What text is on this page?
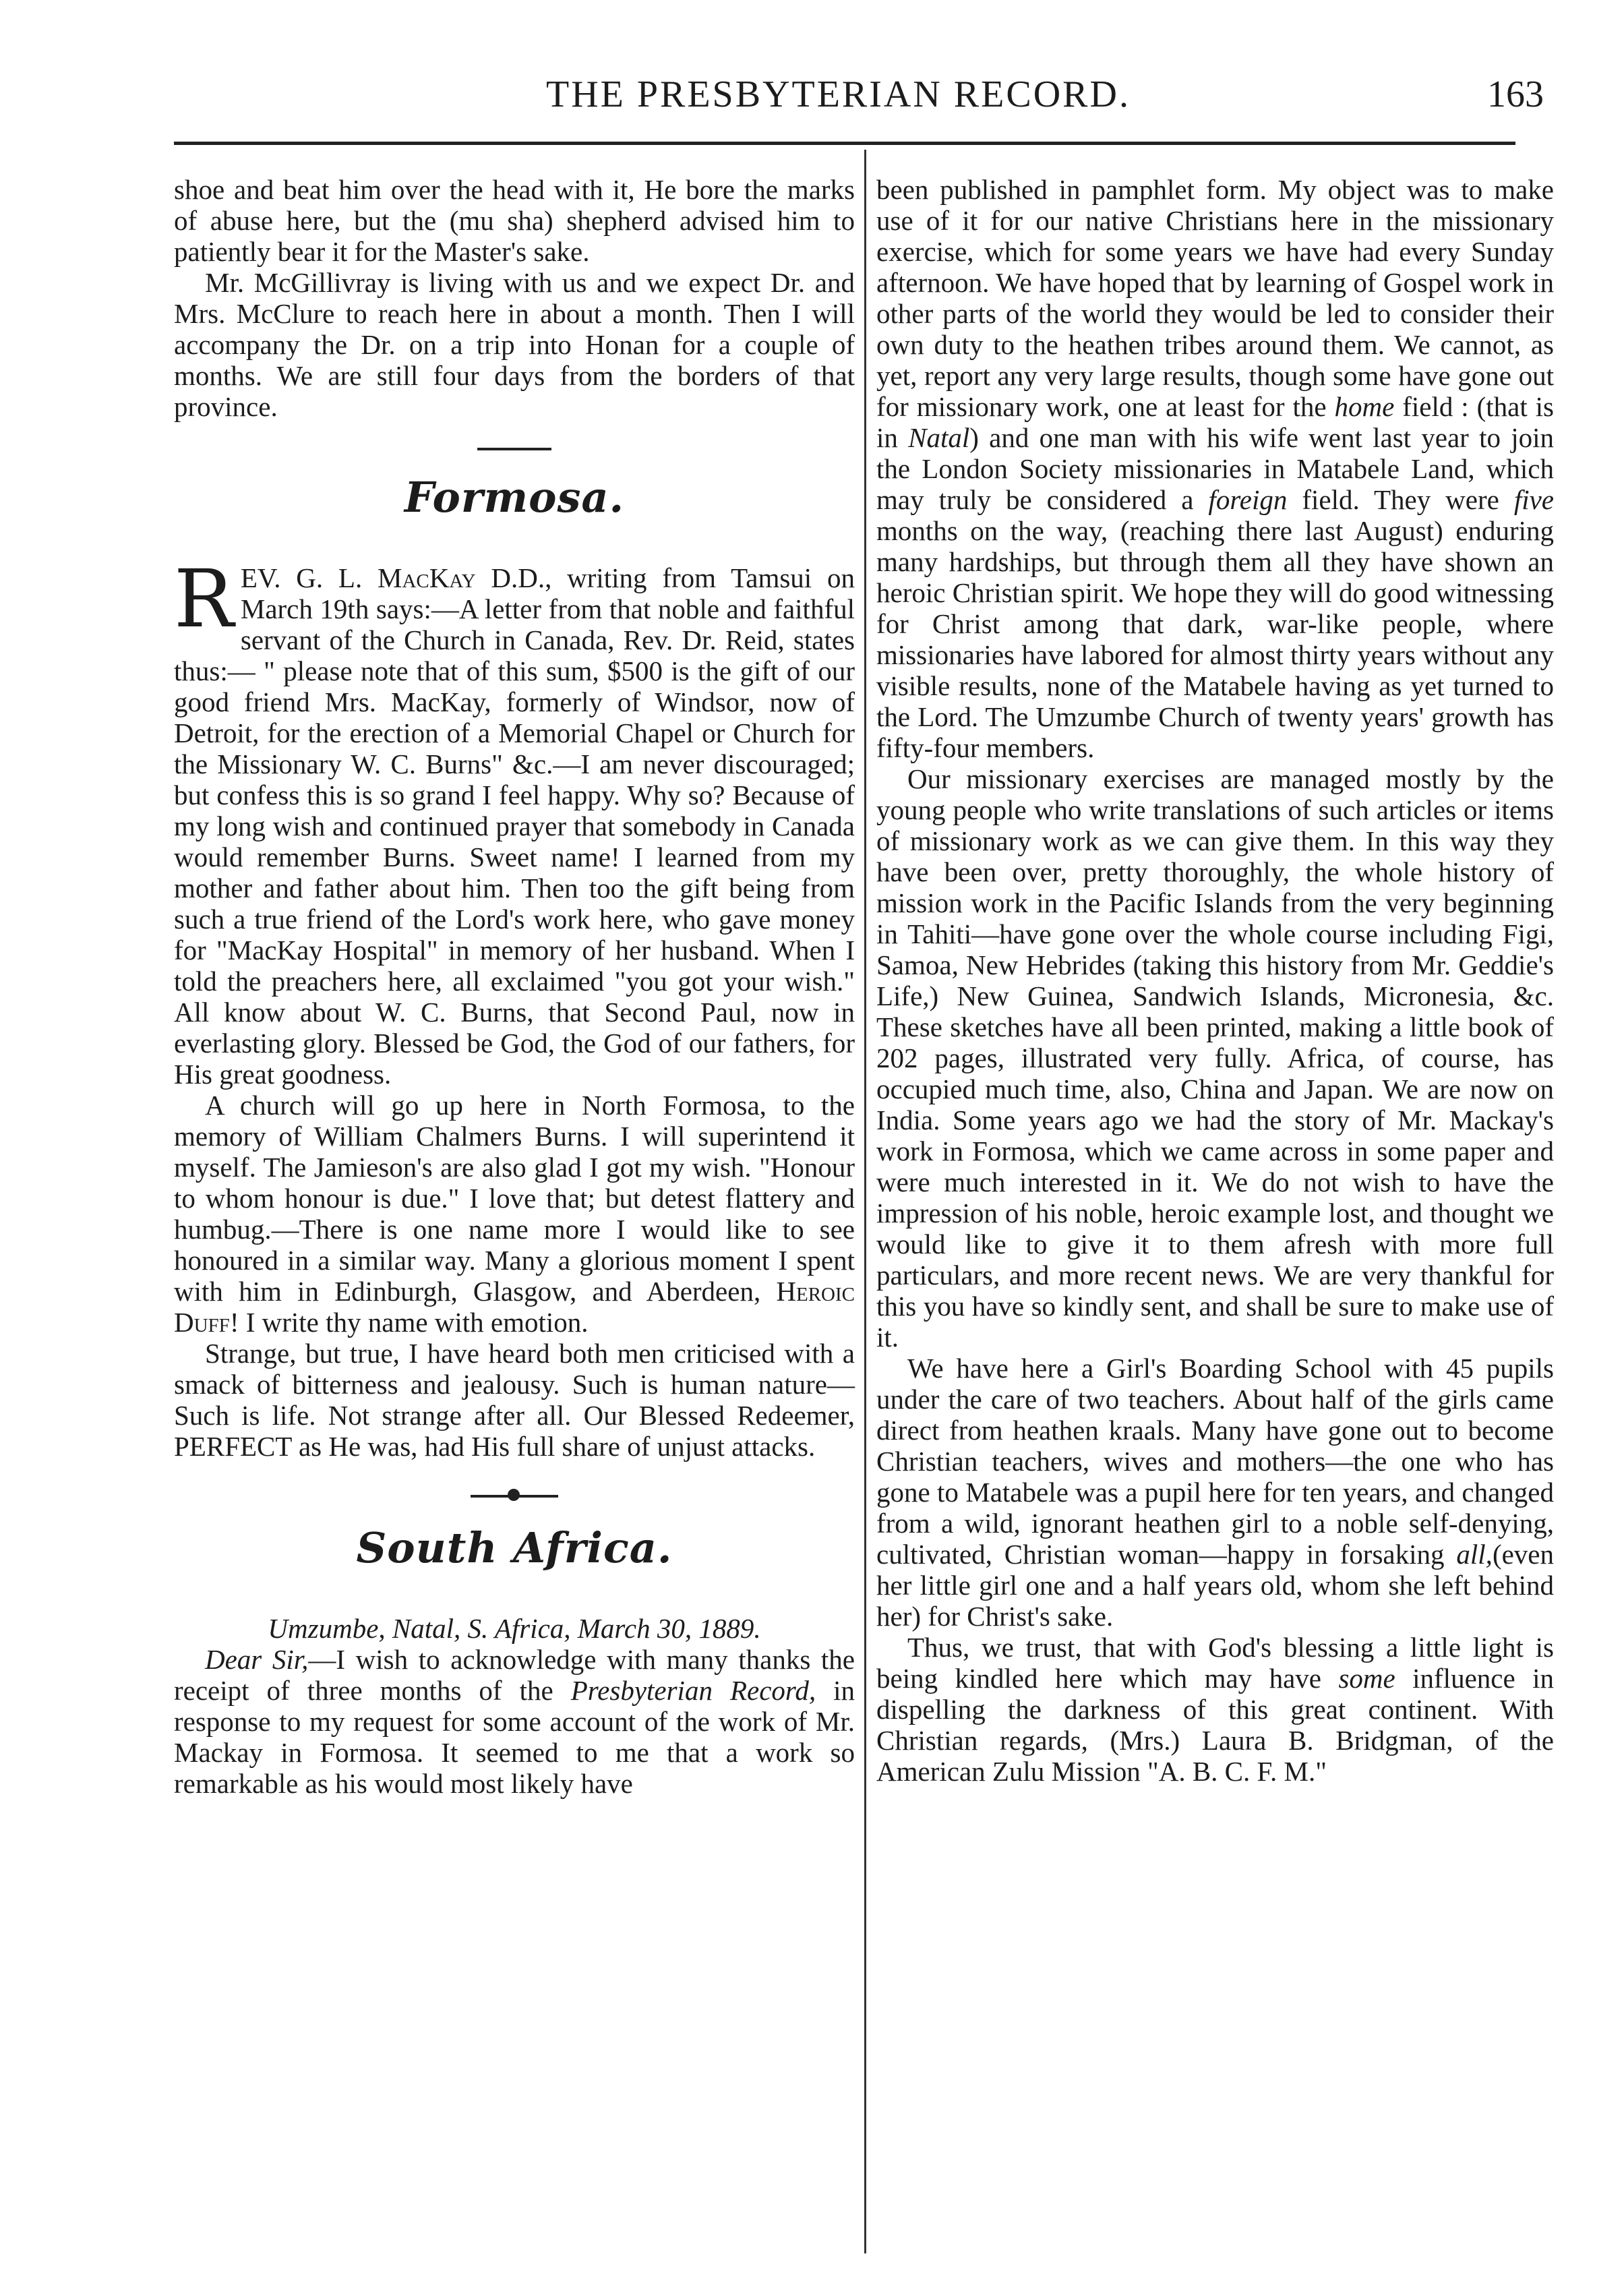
THE PRESBYTERIAN RECORD.	163

shoe and beat him over the head with it, He bore the marks of abuse here, but the (mu sha) shepherd advised him to patiently bear it for the Master's sake.

Mr. McGillivray is living with us and we expect Dr. and Mrs. McClure to reach here in about a month. Then I will accompany the Dr. on a trip into Honan for a couple of months. We are still four days from the borders of that province.

Formosa.

REV. G. L. MacKay D.D., writing from Tamsui on March 19th says:—A letter from that noble and faithful servant of the Church in Canada, Rev. Dr. Reid, states thus:— " please note that of this sum, $500 is the gift of our good friend Mrs. MacKay, formerly of Windsor, now of Detroit, for the erection of a Memorial Chapel or Church for the Missionary W. C. Burns" &c.—I am never discouraged; but confess this is so grand I feel happy. Why so? Because of my long wish and continued prayer that somebody in Canada would remember Burns. Sweet name! I learned from my mother and father about him. Then too the gift being from such a true friend of the Lord's work here, who gave money for "MacKay Hospital" in memory of her husband. When I told the preachers here, all exclaimed "you got your wish." All know about W. C. Burns, that Second Paul, now in everlasting glory. Blessed be God, the God of our fathers, for His great goodness.

A church will go up here in North Formosa, to the memory of William Chalmers Burns. I will superintend it myself. The Jamieson's are also glad I got my wish. "Honour to whom honour is due." I love that; but detest flattery and humbug.—There is one name more I would like to see honoured in a similar way. Many a glorious moment I spent with him in Edinburgh, Glasgow, and Aberdeen, Heroic Duff! I write thy name with emotion.

Strange, but true, I have heard both men criticised with a smack of bitterness and jealousy. Such is human nature—Such is life. Not strange after all. Our Blessed Redeemer, PERFECT as He was, had His full share of unjust attacks.

South Africa.

Umzumbe, Natal, S. Africa, March 30, 1889.

Dear Sir,—I wish to acknowledge with many thanks the receipt of three months of the Presbyterian Record, in response to my request for some account of the work of Mr. Mackay in Formosa. It seemed to me that a work so remarkable as his would most likely have

been published in pamphlet form. My object was to make use of it for our native Christians here in the missionary exercise, which for some years we have had every Sunday afternoon. We have hoped that by learning of Gospel work in other parts of the world they would be led to consider their own duty to the heathen tribes around them. We cannot, as yet, report any very large results, though some have gone out for missionary work, one at least for the home field : (that is in Natal) and one man with his wife went last year to join the London Society missionaries in Matabele Land, which may truly be considered a foreign field. They were five months on the way, (reaching there last August) enduring many hardships, but through them all they have shown an heroic Christian spirit. We hope they will do good witnessing for Christ among that dark, war-like people, where missionaries have labored for almost thirty years without any visible results, none of the Matabele having as yet turned to the Lord. The Umzumbe Church of twenty years' growth has fifty-four members.

Our missionary exercises are managed mostly by the young people who write translations of such articles or items of missionary work as we can give them. In this way they have been over, pretty thoroughly, the whole history of mission work in the Pacific Islands from the very beginning in Tahiti—have gone over the whole course including Figi, Samoa, New Hebrides (taking this history from Mr. Geddie's Life,) New Guinea, Sandwich Islands, Micronesia, &c. These sketches have all been printed, making a little book of 202 pages, illustrated very fully. Africa, of course, has occupied much time, also, China and Japan. We are now on India. Some years ago we had the story of Mr. Mackay's work in Formosa, which we came across in some paper and were much interested in it. We do not wish to have the impression of his noble, heroic example lost, and thought we would like to give it to them afresh with more full particulars, and more recent news. We are very thankful for this you have so kindly sent, and shall be sure to make use of it.

We have here a Girl's Boarding School with 45 pupils under the care of two teachers. About half of the girls came direct from heathen kraals. Many have gone out to become Christian teachers, wives and mothers—the one who has gone to Matabele was a pupil here for ten years, and changed from a wild, ignorant heathen girl to a noble self-denying, cultivated, Christian woman—happy in forsaking all,(even her little girl one and a half years old, whom she left behind her) for Christ's sake.

Thus, we trust, that with God's blessing a little light is being kindled here which may have some influence in dispelling the darkness of this great continent. With Christian regards, (Mrs.) Laura B. Bridgman, of the American Zulu Mission "A. B. C. F. M."
